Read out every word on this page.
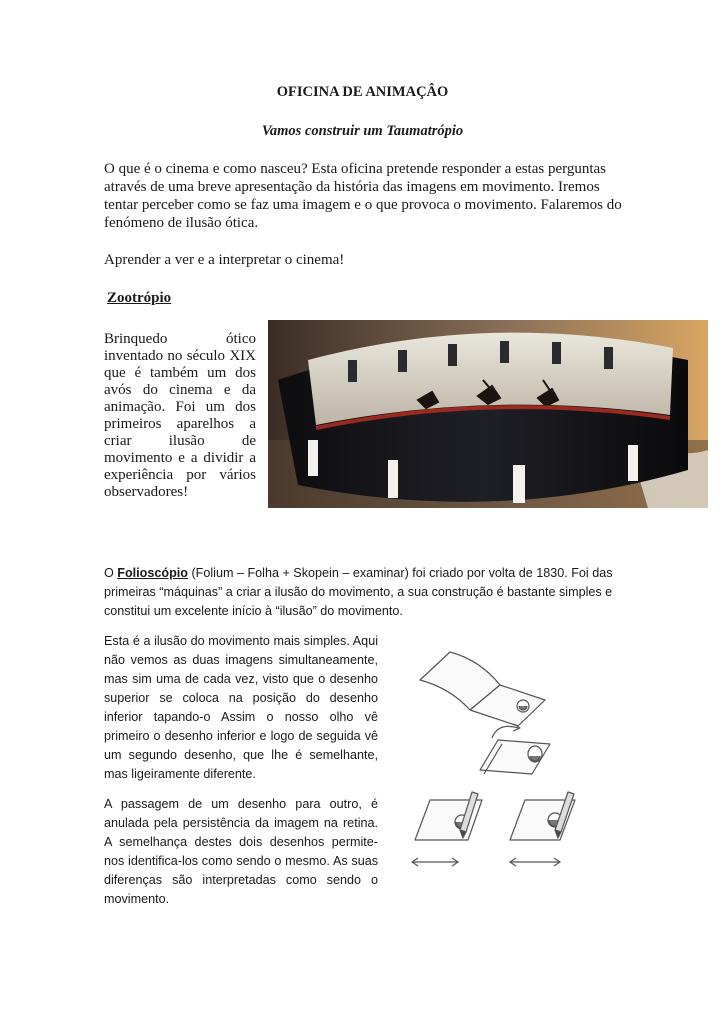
OFICINA DE ANIMAÇÂO
Vamos construir um Taumatrópio

O que é o cinema e como nasceu? Esta oficina pretende responder a estas perguntas através de uma breve apresentação da história das imagens em movimento. Iremos tentar perceber como se faz uma imagem e o que provoca o movimento. Falaremos do fenómeno de ilusão ótica.

Aprender a ver e a interpretar o cinema!

Zootrópio

Brinquedo ótico inventado no século XIX que é também um dos avós do cinema e da animação. Foi um dos primeiros aparelhos a criar ilusão de movimento e a dividir a experiência por vários observadores!

O Folioscópio (Folium – Folha + Skopein – examinar) foi criado por volta de 1830. Foi das primeiras “máquinas” a criar a ilusão do movimento, a sua construção é bastante simples e constitui um excelente início à “ilusão” do movimento.

Esta é a ilusão do movimento mais simples. Aqui não vemos as duas imagens simultaneamente, mas sim uma de cada vez, visto que o desenho superior se coloca na posição do desenho inferior tapando-o Assim o nosso olho vê primeiro o desenho inferior e logo de seguida vê um segundo desenho, que lhe é semelhante, mas ligeiramente diferente.

A passagem de um desenho para outro, é anulada pela persistência da imagem na retina. A semelhança destes dois desenhos permite-nos identifica-los como sendo o mesmo. As suas diferenças são interpretadas como sendo o movimento.
